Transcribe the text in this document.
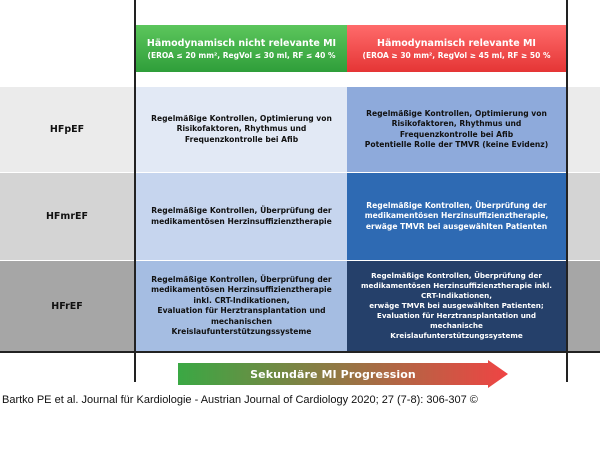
Hämodynamisch nicht relevante MI
(EROA ≤ 20 mm², RegVol ≤ 30 ml, RF ≤ 40 %
Hämodynamisch relevante MI
(EROA ≥ 30 mm², RegVol ≥ 45 ml, RF ≥ 50 %
HFpEF
Regelmäßige Kontrollen, Optimierung von
Risikofaktoren, Rhythmus und
Frequenzkontrolle bei Afib
Regelmäßige Kontrollen, Optimierung von
Risikofaktoren, Rhythmus und
Frequenzkontrolle bei Afib
Potentielle Rolle der TMVR (keine Evidenz)
HFmrEF
Regelmäßige Kontrollen, Überprüfung der
medikamentösen Herzinsuffizienztherapie
Regelmäßige Kontrollen, Überprüfung der
medikamentösen Herzinsuffizienztherapie,
erwäge TMVR bei ausgewählten Patienten
HFrEF
Regelmäßige Kontrollen, Überprüfung der
medikamentösen Herzinsuffizienztherapie
inkl. CRT-Indikationen,
Evaluation für Herztransplantation und
mechanischen
Kreislaufunterstützungssysteme
Regelmäßige Kontrollen, Überprüfung der
medikamentösen Herzinsuffizienztherapie inkl.
CRT-Indikationen,
erwäge TMVR bei ausgewählten Patienten;
Evaluation für Herztransplantation und
mechanische
Kreislaufunterstützungssysteme
Sekundäre MI Progression
Bartko PE et al. Journal für Kardiologie - Austrian Journal of Cardiology 2020; 27 (7-8): 306-307 ©
